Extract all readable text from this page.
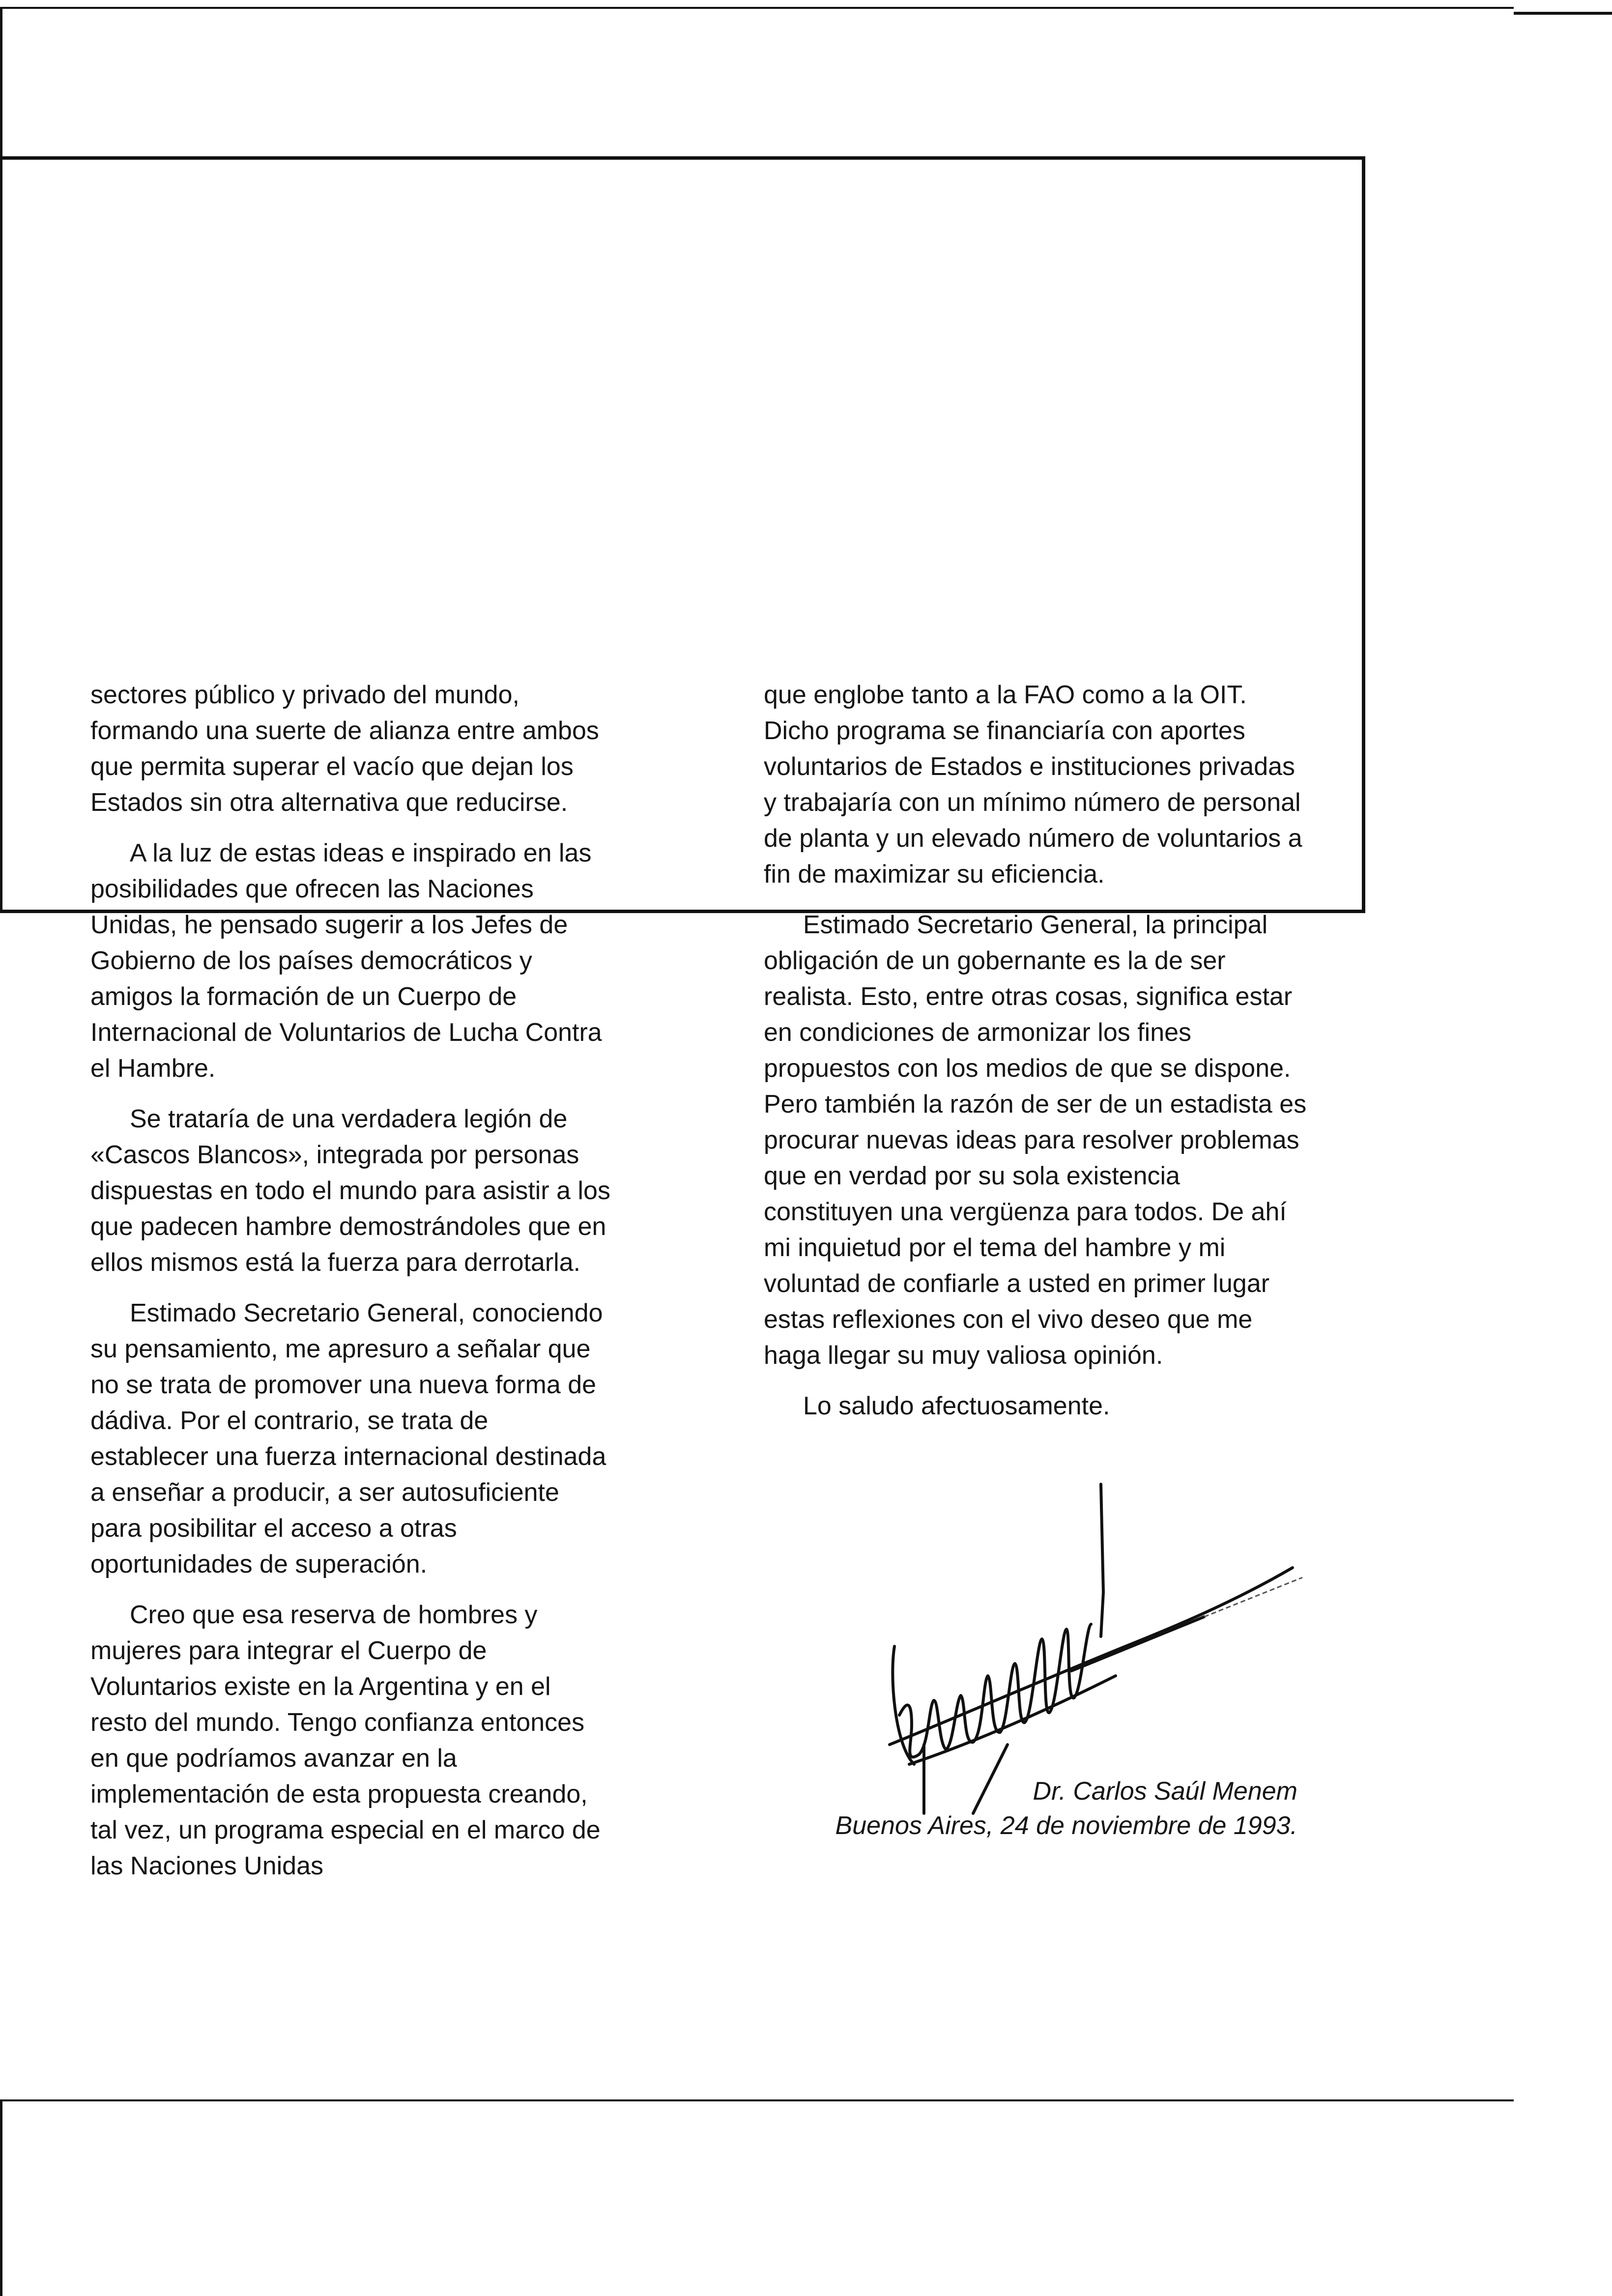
sectores público y privado del mundo, formando una suerte de alianza entre ambos que permita superar el vacío que dejan los Estados sin otra alternativa que reducirse.

A la luz de estas ideas e inspirado en las posibilidades que ofrecen las Naciones Unidas, he pensado sugerir a los Jefes de Gobierno de los países democráticos y amigos la formación de un Cuerpo de Internacional de Voluntarios de Lucha Contra el Hambre.

Se trataría de una verdadera legión de «Cascos Blancos», integrada por personas dispuestas en todo el mundo para asistir a los que padecen hambre demostrándoles que en ellos mismos está la fuerza para derrotarla.

Estimado Secretario General, conociendo su pensamiento, me apresuro a señalar que no se trata de promover una nueva forma de dádiva. Por el contrario, se trata de establecer una fuerza internacional destinada a enseñar a producir, a ser autosuficiente para posibilitar el acceso a otras oportunidades de superación.

Creo que esa reserva de hombres y mujeres para integrar el Cuerpo de Voluntarios existe en la Argentina y en el resto del mundo. Tengo confianza entonces en que podríamos avanzar en la implementación de esta propuesta creando, tal vez, un programa especial en el marco de las Naciones Unidas

que englobe tanto a la FAO como a la OIT. Dicho programa se financiaría con aportes voluntarios de Estados e instituciones privadas y trabajaría con un mínimo número de personal de planta y un elevado número de voluntarios a fin de maximizar su eficiencia.

Estimado Secretario General, la principal obligación de un gobernante es la de ser realista. Esto, entre otras cosas, significa estar en condiciones de armonizar los fines propuestos con los medios de que se dispone. Pero también la razón de ser de un estadista es procurar nuevas ideas para resolver problemas que en verdad por su sola existencia constituyen una vergüenza para todos. De ahí mi inquietud por el tema del hambre y mi voluntad de confiarle a usted en primer lugar estas reflexiones con el vivo deseo que me haga llegar su muy valiosa opinión.

Lo saludo afectuosamente.

Dr. Carlos Saúl Menem
Buenos Aires, 24 de noviembre de 1993.
